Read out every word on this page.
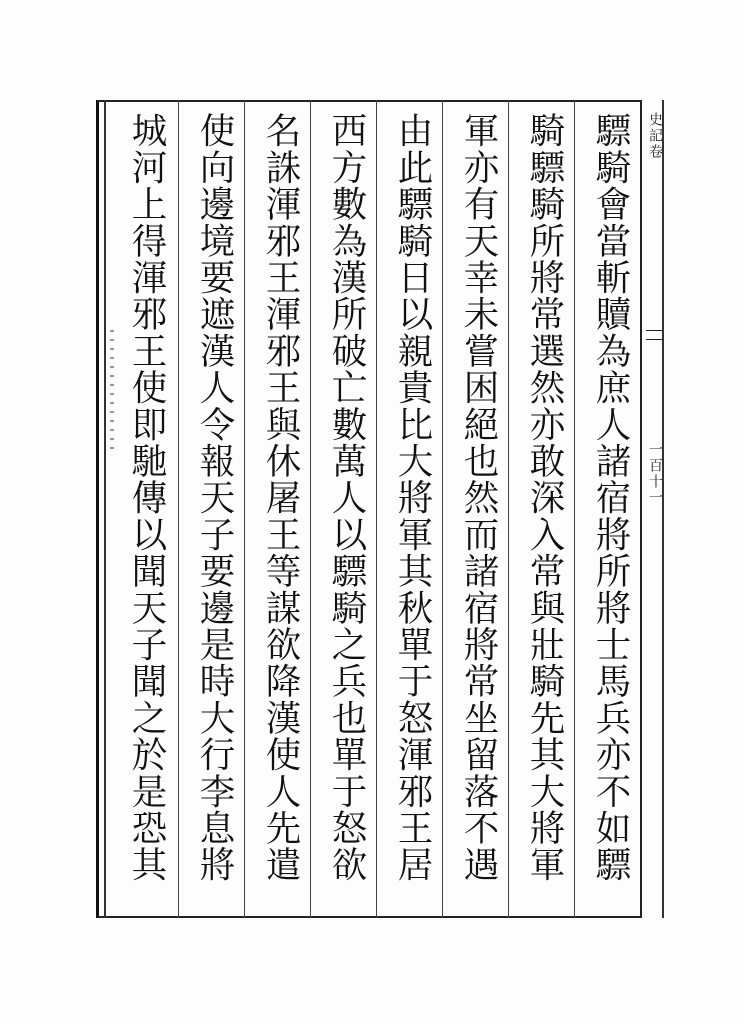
驃騎會當斬贖為庶人諸宿將所將士馬兵亦不如驃
騎驃騎所將常選然亦敢深入常與壯騎先其大將軍
軍亦有天幸未嘗困絕也然而諸宿將常坐留落不遇
由此驃騎日以親貴比大將軍其秋單于怒渾邪王居
西方數為漢所破亡數萬人以驃騎之兵也單于怒欲
名誅渾邪王渾邪王與休屠王等謀欲降漢使人先遣
使向邊境要遮漢人令報天子要邊是時大行李息將
城河上得渾邪王使即馳傳以聞天子聞之於是恐其	史記卷
一百十一
